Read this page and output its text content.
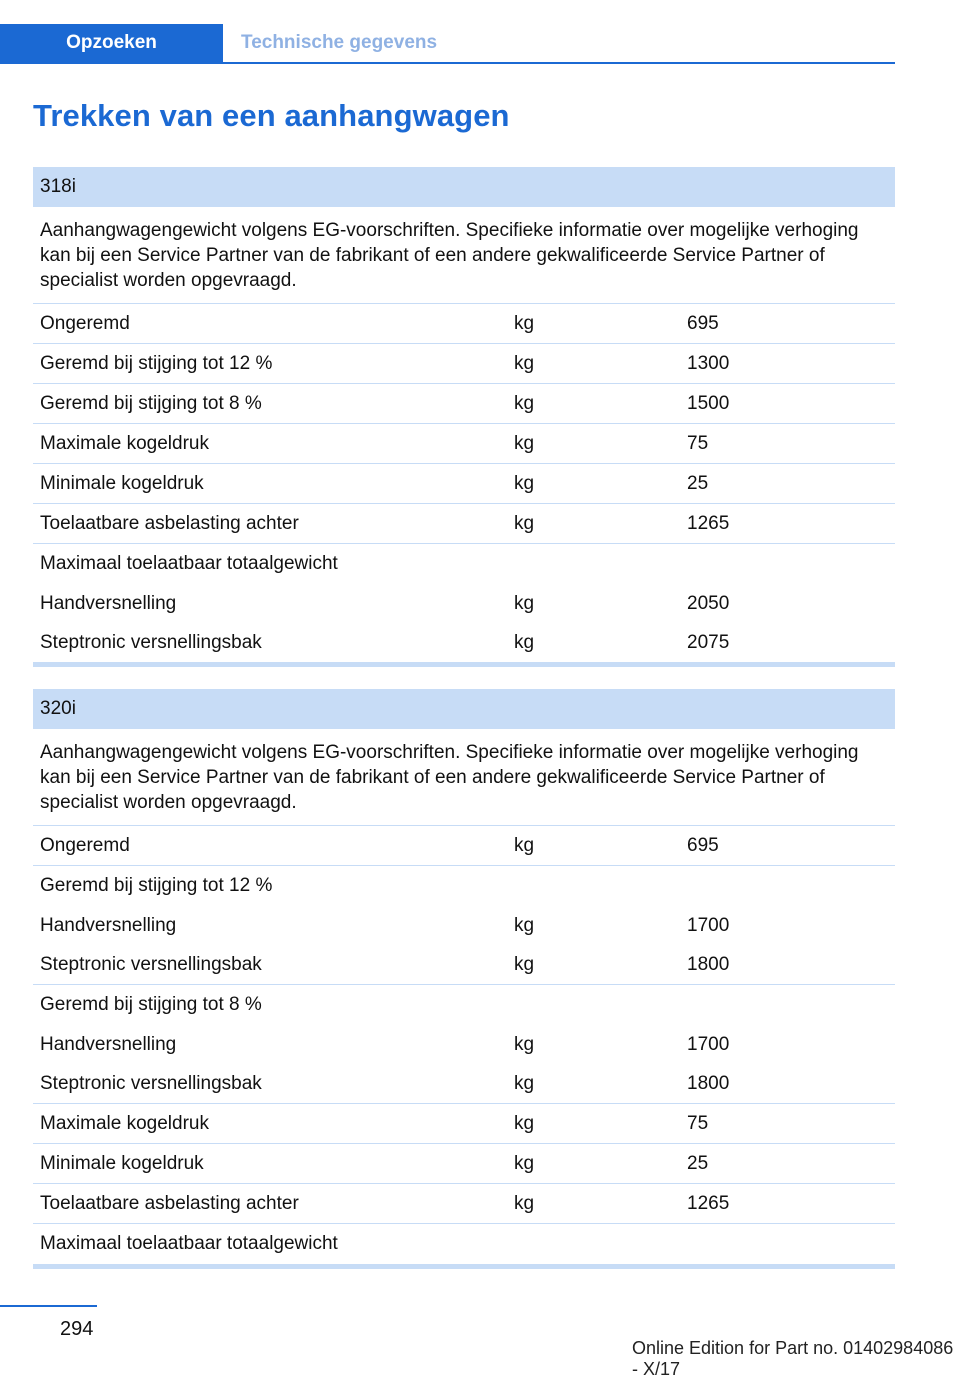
Opzoeken	Technische gegevens
Trekken van een aanhangwagen
318i
Aanhangwagengewicht volgens EG-voorschriften. Specifieke informatie over mogelijke verhoging kan bij een Service Partner van de fabrikant of een andere gekwalificeerde Service Partner of specialist worden opgevraagd.
Ongeremd	kg	695
Geremd bij stijging tot 12 %	kg	1300
Geremd bij stijging tot 8 %	kg	1500
Maximale kogeldruk	kg	75
Minimale kogeldruk	kg	25
Toelaatbare asbelasting achter	kg	1265
Maximaal toelaatbaar totaalgewicht
Handversnelling	kg	2050
Steptronic versnellingsbak	kg	2075
320i
Aanhangwagengewicht volgens EG-voorschriften. Specifieke informatie over mogelijke verhoging kan bij een Service Partner van de fabrikant of een andere gekwalificeerde Service Partner of specialist worden opgevraagd.
Ongeremd	kg	695
Geremd bij stijging tot 12 %
Handversnelling	kg	1700
Steptronic versnellingsbak	kg	1800
Geremd bij stijging tot 8 %
Handversnelling	kg	1700
Steptronic versnellingsbak	kg	1800
Maximale kogeldruk	kg	75
Minimale kogeldruk	kg	25
Toelaatbare asbelasting achter	kg	1265
Maximaal toelaatbaar totaalgewicht
294
Online Edition for Part no. 01402984086 - X/17
